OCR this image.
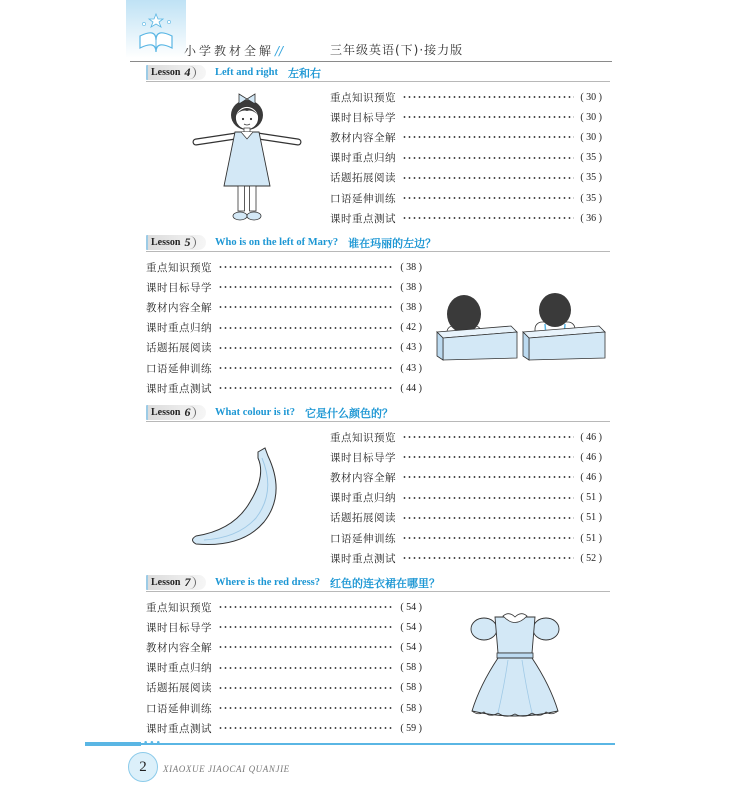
小学教材全解 //	三年级英语(下)·接力版
Lesson 4	Left and right 左和右
重点知识预览	( 30 )
课时目标导学	( 30 )
教材内容全解	( 30 )
课时重点归纳	( 35 )
话题拓展阅读	( 35 )
口语延伸训练	( 35 )
课时重点测试	( 36 )
Lesson 5	Who is on the left of Mary? 谁在玛丽的左边？
重点知识预览	( 38 )
课时目标导学	( 38 )
教材内容全解	( 38 )
课时重点归纳	( 42 )
话题拓展阅读	( 43 )
口语延伸训练	( 43 )
课时重点测试	( 44 )
Lesson 6	What colour is it? 它是什么颜色的？
重点知识预览	( 46 )
课时目标导学	( 46 )
教材内容全解	( 46 )
课时重点归纳	( 51 )
话题拓展阅读	( 51 )
口语延伸训练	( 51 )
课时重点测试	( 52 )
Lesson 7	Where is the red dress? 红色的连衣裙在哪里？
重点知识预览	( 54 )
课时目标导学	( 54 )
教材内容全解	( 54 )
课时重点归纳	( 58 )
话题拓展阅读	( 58 )
口语延伸训练	( 58 )
课时重点测试	( 59 )
•••
2	XIAOXUE JIAOCAI QUANJIE
